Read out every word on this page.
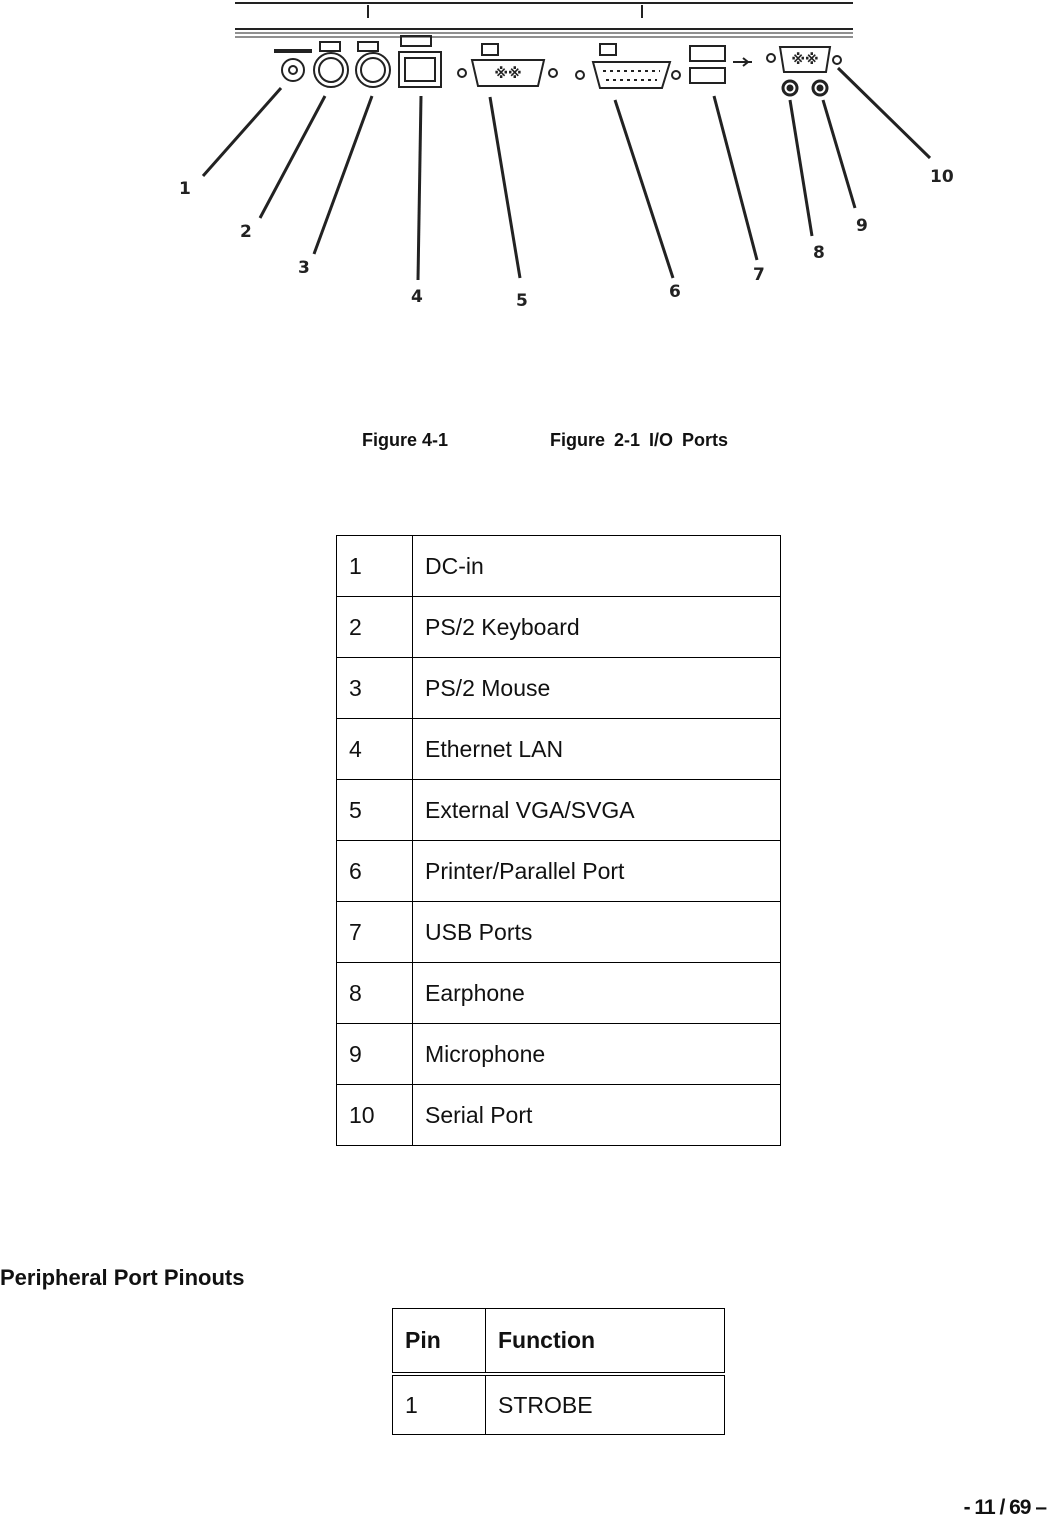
※※
※※
1
2
3
4	5	6
7
8
9
10
Figure 4-1	Figure 2-1 I/O Ports
1	DC-in
2	PS/2 Keyboard
3	PS/2 Mouse
4	Ethernet LAN
5	External VGA/SVGA
6	Printer/Parallel Port
7	USB Ports
8	Earphone
9	Microphone
10	Serial Port
Peripheral Port Pinouts
Pin	Function
1	STROBE
- 11 / 69 –
